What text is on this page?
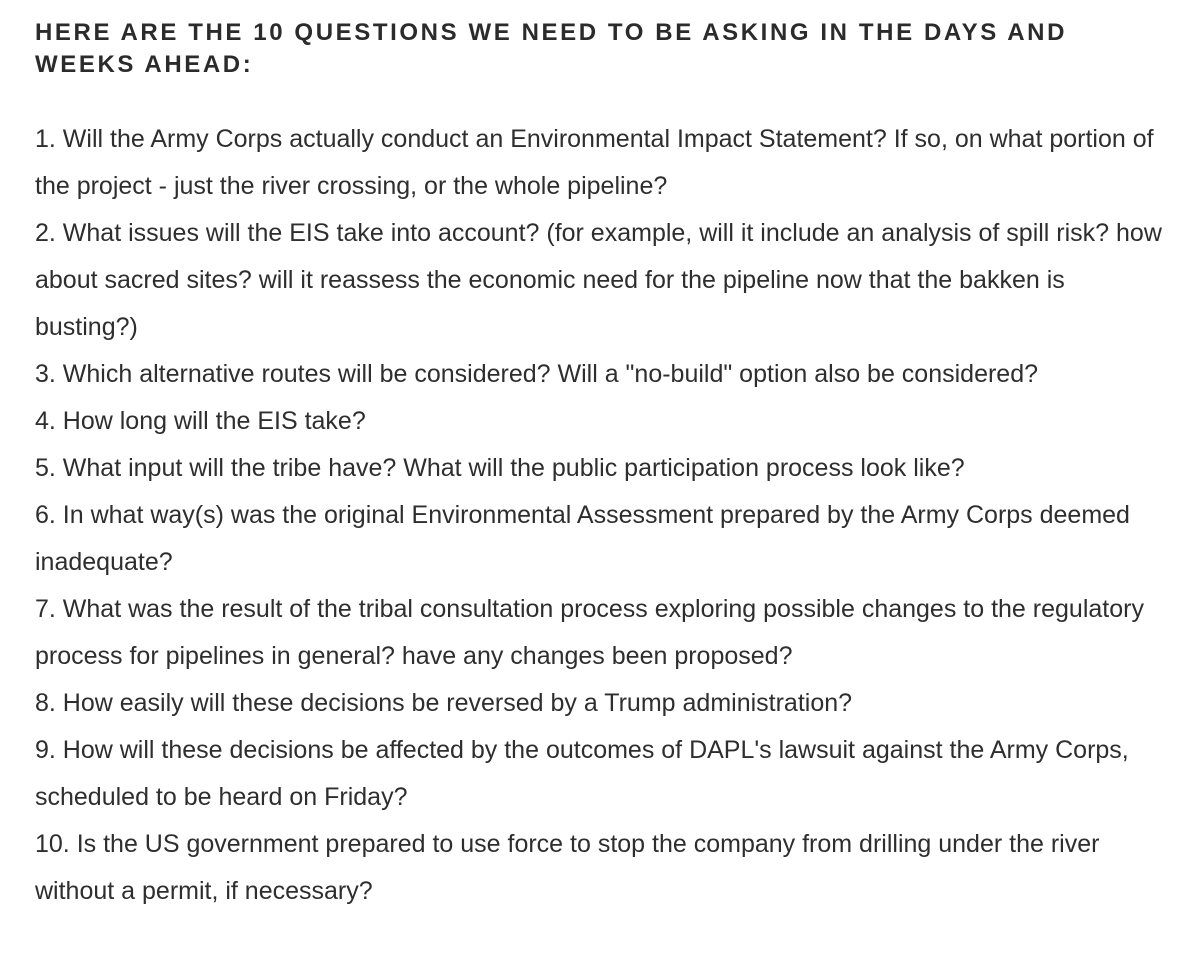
HERE ARE THE 10 QUESTIONS WE NEED TO BE ASKING IN THE DAYS AND WEEKS AHEAD:
1. Will the Army Corps actually conduct an Environmental Impact Statement? If so, on what portion of the project - just the river crossing, or the whole pipeline?
2. What issues will the EIS take into account? (for example, will it include an analysis of spill risk? how about sacred sites? will it reassess the economic need for the pipeline now that the bakken is busting?)
3. Which alternative routes will be considered? Will a "no-build" option also be considered?
4. How long will the EIS take?
5. What input will the tribe have? What will the public participation process look like?
6. In what way(s) was the original Environmental Assessment prepared by the Army Corps deemed inadequate?
7. What was the result of the tribal consultation process exploring possible changes to the regulatory process for pipelines in general? have any changes been proposed?
8. How easily will these decisions be reversed by a Trump administration?
9. How will these decisions be affected by the outcomes of DAPL's lawsuit against the Army Corps, scheduled to be heard on Friday?
10. Is the US government prepared to use force to stop the company from drilling under the river without a permit, if necessary?
